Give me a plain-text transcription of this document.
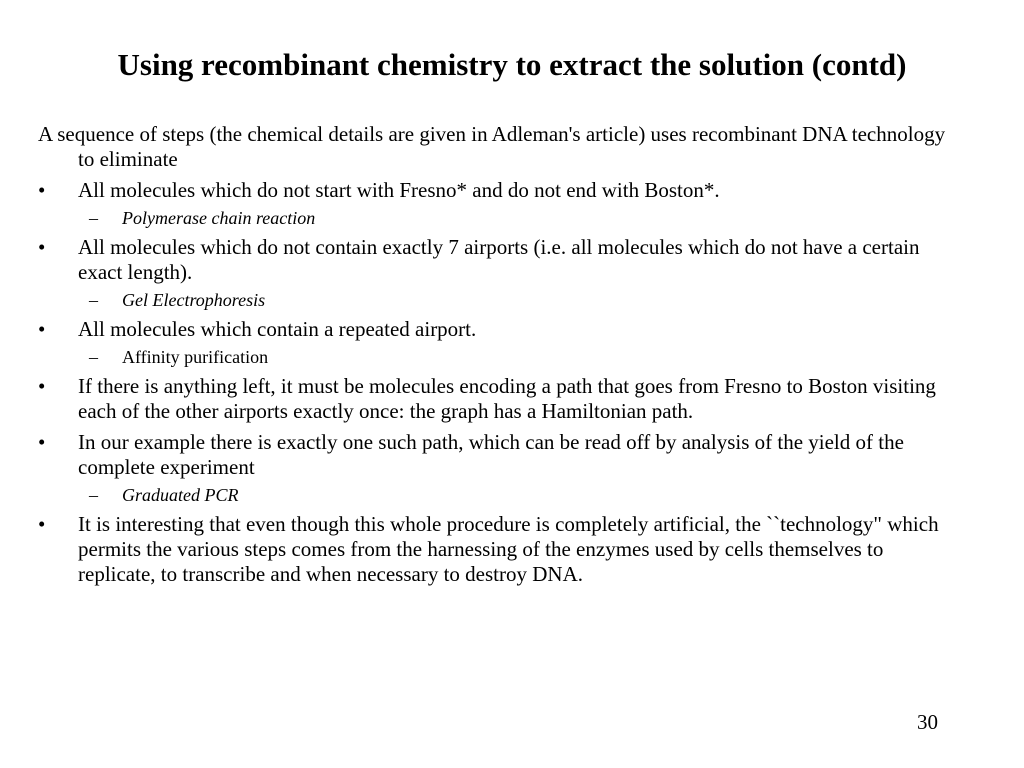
Using recombinant chemistry to extract the solution (contd)

A sequence of steps (the chemical details are given in Adleman's article) uses recombinant DNA technology to eliminate

• All molecules which do not start with Fresno* and do not end with Boston*.
– Polymerase chain reaction
• All molecules which do not contain exactly 7 airports (i.e. all molecules which do not have a certain exact length).
– Gel Electrophoresis
• All molecules which contain a repeated airport.
– Affinity purification
• If there is anything left, it must be molecules encoding a path that goes from Fresno to Boston visiting each of the other airports exactly once: the graph has a Hamiltonian path.
• In our example there is exactly one such path, which can be read off by analysis of the yield of the complete experiment
– Graduated PCR
• It is interesting that even though this whole procedure is completely artificial, the ``technology" which permits the various steps comes from the harnessing of the enzymes used by cells themselves to replicate, to transcribe and when necessary to destroy DNA.
30
